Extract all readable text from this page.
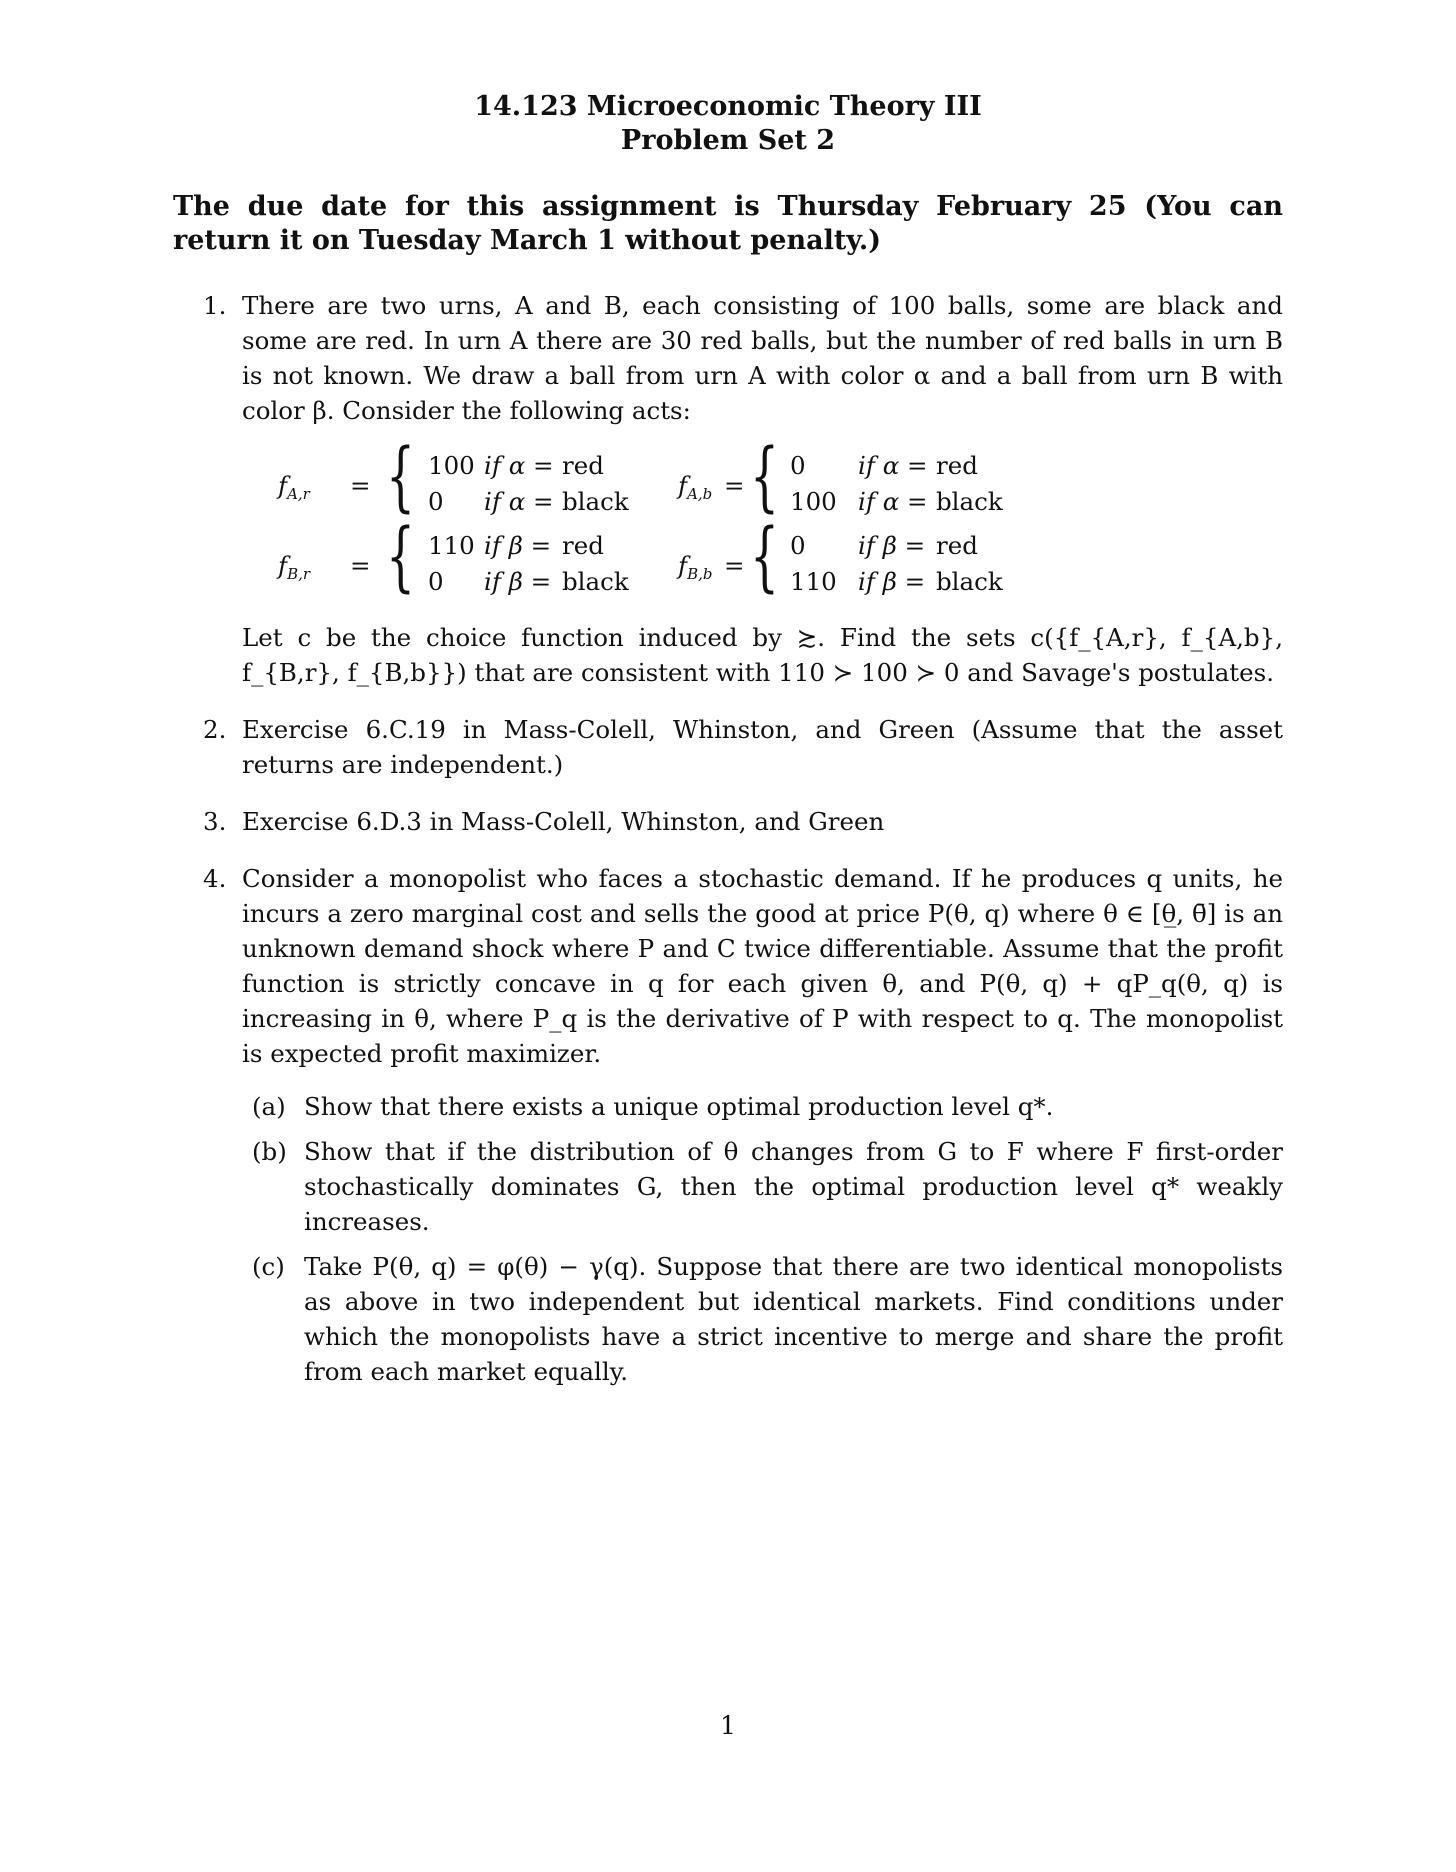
14.123 Microeconomic Theory III
Problem Set 2
The due date for this assignment is Thursday February 25 (You can return it on Tuesday March 1 without penalty.)
1. There are two urns, A and B, each consisting of 100 balls, some are black and some are red. In urn A there are 30 red balls, but the number of red balls in urn B is not known. We draw a ball from urn A with color α and a ball from urn B with color β. Consider the following acts:
$f_{A,r}$ = { 100 if α = red
0 if α = black
$f_{A,b}$ = { 0 if α = red
100 if α = black
$f_{B,r}$ = { 110 if β = red
0 if β = black
$f_{B,b}$ = { 0 if β = red
110 if β = black
Let c be the choice function induced by ≿. Find the sets c({f_{A,r}, f_{A,b}, f_{B,r}, f_{B,b}}) that are consistent with 110 ≻ 100 ≻ 0 and Savage's postulates.
2. Exercise 6.C.19 in Mass-Colell, Whinston, and Green (Assume that the asset returns are independent.)
3. Exercise 6.D.3 in Mass-Colell, Whinston, and Green
4. Consider a monopolist who faces a stochastic demand. If he produces q units, he incurs a zero marginal cost and sells the good at price P(θ, q) where θ ∈ [θ̲, θ̄] is an unknown demand shock where P and C twice differentiable. Assume that the profit function is strictly concave in q for each given θ, and P(θ, q) + qP_q(θ, q) is increasing in θ, where P_q is the derivative of P with respect to q. The monopolist is expected profit maximizer.
(a) Show that there exists a unique optimal production level q*.
(b) Show that if the distribution of θ changes from G to F where F first-order stochastically dominates G, then the optimal production level q* weakly increases.
(c) Take P(θ, q) = φ(θ) − γ(q). Suppose that there are two identical monopolists as above in two independent but identical markets. Find conditions under which the monopolists have a strict incentive to merge and share the profit from each market equally.
1
